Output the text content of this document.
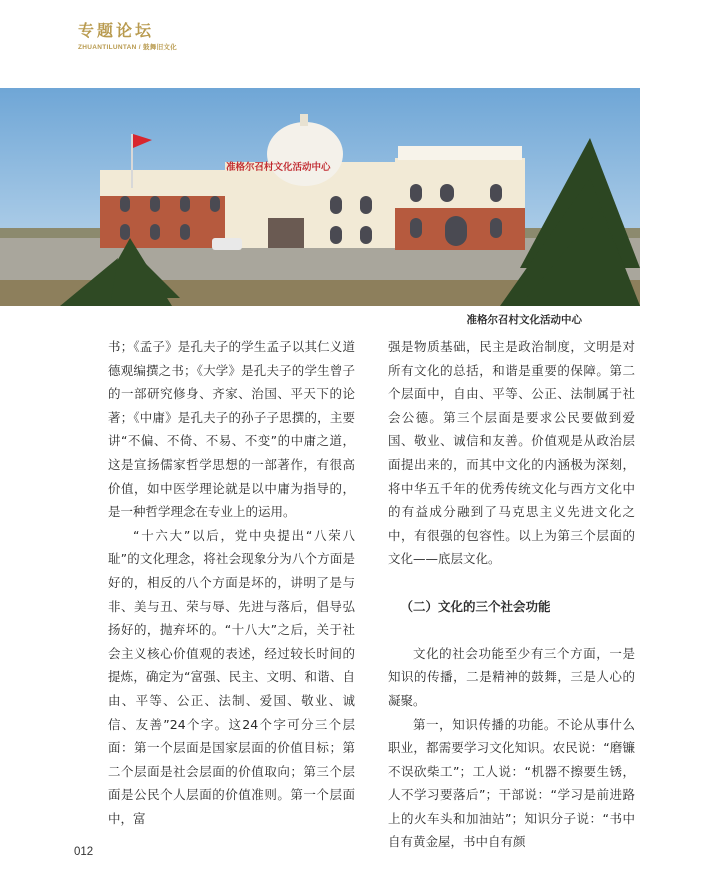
专题论坛
ZHUANTILUNTAN / 鼓舞旧文化
准格尔召村文化活动中心
准格尔召村文化活动中心

书；《孟子》是孔夫子的学生孟子以其仁义道德观编撰之书；《大学》是孔夫子的学生曾子的一部研究修身、齐家、治国、平天下的论著；《中庸》是孔夫子的孙子子思撰的，主要讲“不偏、不倚、不易、不变”的中庸之道，这是宣扬儒家哲学思想的一部著作，有很高价值，如中医学理论就是以中庸为指导的，是一种哲学理念在专业上的运用。

“十六大”以后，党中央提出“八荣八耻”的文化理念，将社会现象分为八个方面是好的，相反的八个方面是坏的，讲明了是与非、美与丑、荣与辱、先进与落后，倡导弘扬好的，抛弃坏的。“十八大”之后，关于社会主义核心价值观的表述，经过较长时间的提炼，确定为“富强、民主、文明、和谐、自由、平等、公正、法制、爱国、敬业、诚信、友善”24个字。这24个字可分三个层面：第一个层面是国家层面的价值目标；第二个层面是社会层面的价值取向；第三个层面是公民个人层面的价值准则。第一个层面中，富

强是物质基础，民主是政治制度，文明是对所有文化的总括，和谐是重要的保障。第二个层面中，自由、平等、公正、法制属于社会公德。第三个层面是要求公民要做到爱国、敬业、诚信和友善。价值观是从政治层面提出来的，而其中文化的内涵极为深刻，将中华五千年的优秀传统文化与西方文化中的有益成分融到了马克思主义先进文化之中，有很强的包容性。以上为第三个层面的文化——底层文化。

（二）文化的三个社会功能

文化的社会功能至少有三个方面，一是知识的传播，二是精神的鼓舞，三是人心的凝聚。

第一，知识传播的功能。不论从事什么职业，都需要学习文化知识。农民说：“磨镰不误砍柴工”；工人说：“机器不擦要生锈，人不学习要落后”；干部说：“学习是前进路上的火车头和加油站”；知识分子说：“书中自有黄金屋，书中自有颜

012
